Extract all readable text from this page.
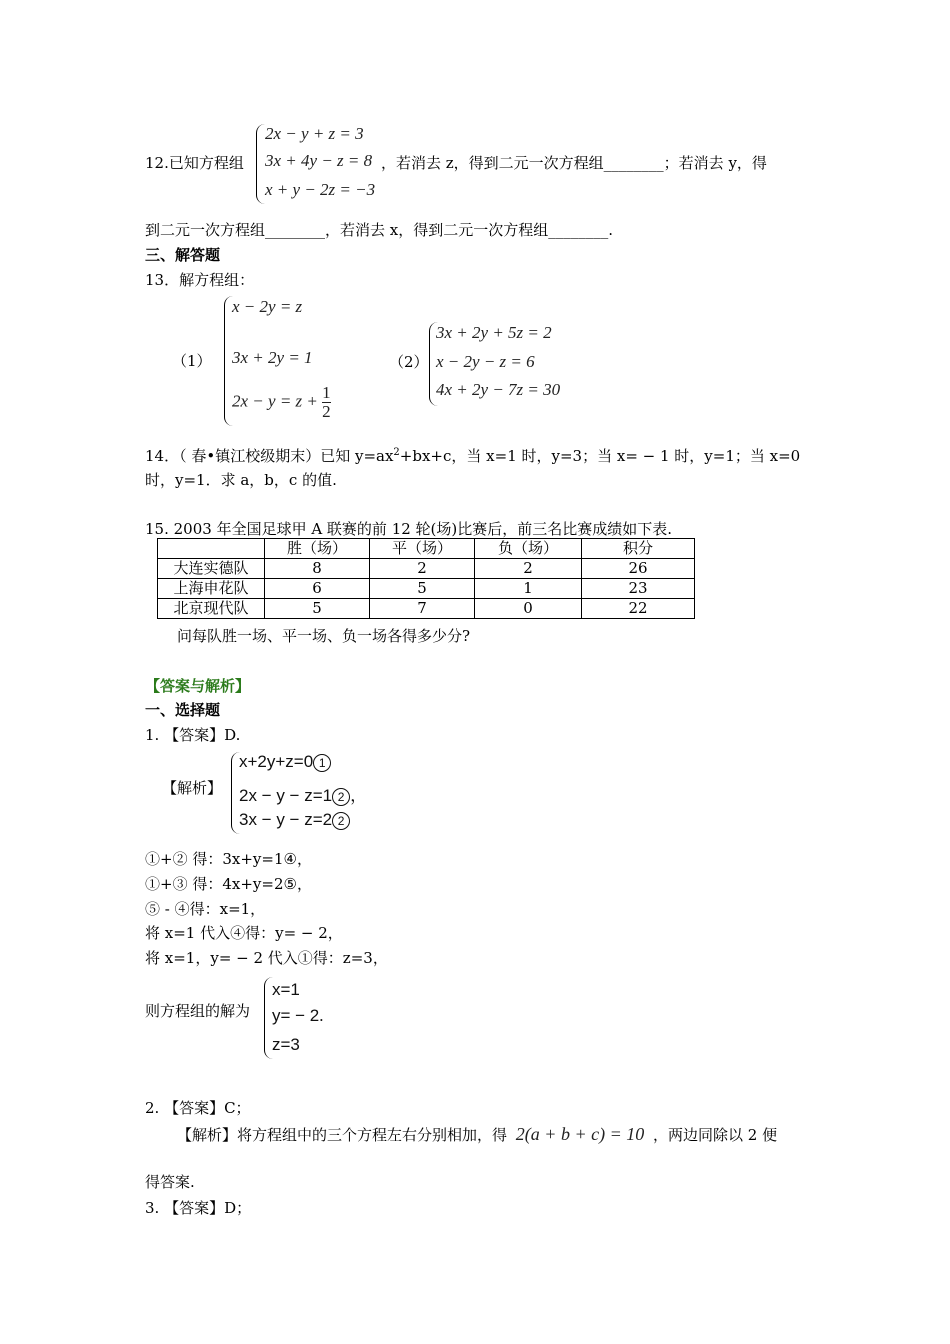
12.已知方程组
2x − y + z = 3
3x + 4y − z = 8
x + y − 2z = −3
，若消去 z，得到二元一次方程组________；若消去 y，得
到二元一次方程组________，若消去 x，得到二元一次方程组________.
三、解答题
13．解方程组：
（1）
x − 2y = z
3x + 2y = 1
$2x - y = z + \frac{1}{2}$
（2）
3x + 2y + 5z = 2
x − 2y − z = 6
4x + 2y − 7z = 30
14．（ 春•镇江校级期末）已知 $y=ax^2+bx+c$，当 x=1 时，y=3；当 x= − 1 时，y=1；当 x=0
时，y=1．求 a，b，c 的值.
15. 2003 年全国足球甲 A 联赛的前 12 轮(场)比赛后，前三名比赛成绩如下表.
	胜（场）	平（场）	负（场）	积分
大连实德队	8	2	2	26
上海申花队	6	5	1	23
北京现代队	5	7	0	22
问每队胜一场、平一场、负一场各得多少分?
【答案与解析】
一、选择题
1. 【答案】D.
【解析】
x+2y+z=0 1
2x − y − z=1 2 ，
3x − y − z=2 2
①+② 得：3x+y=1④，
①+③ 得：4x+y=2⑤，
⑤ - ④得：x=1，
将 x=1 代入④得：y= − 2，
将 x=1，y= − 2 代入①得：z=3，
则方程组的解为
x=1
y= − 2.
z=3
2. 【答案】C；
【解析】将方程组中的三个方程左右分别相加，得 2(a + b + c) = 10 ，两边同除以 2 便
得答案.
3. 【答案】D；
